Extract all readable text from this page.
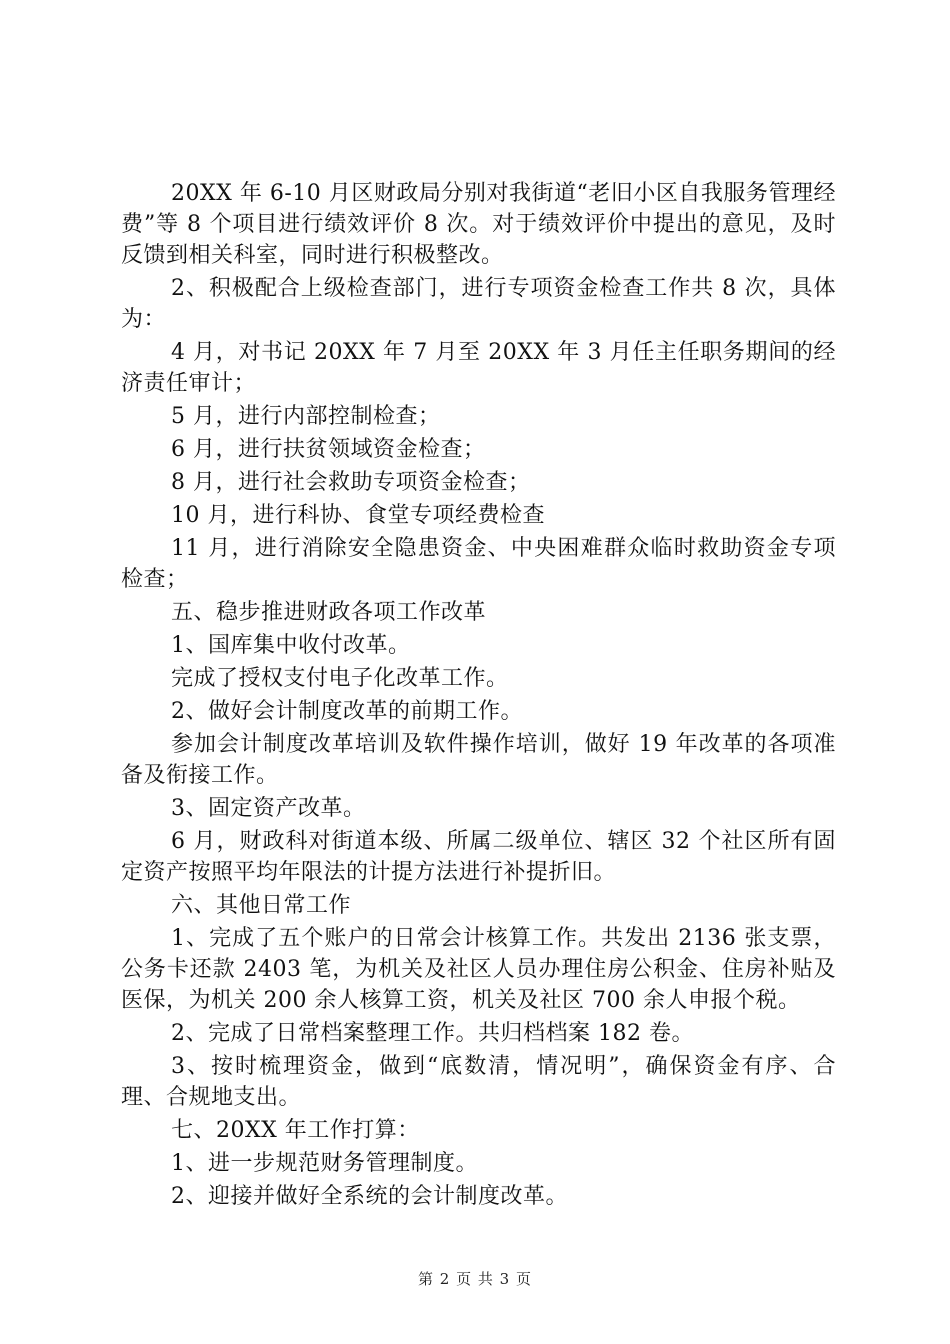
20XX 年 6-10 月区财政局分别对我街道“老旧小区自我服务管理经费”等 8 个项目进行绩效评价 8 次。对于绩效评价中提出的意见，及时反馈到相关科室，同时进行积极整改。

2、积极配合上级检查部门，进行专项资金检查工作共 8 次，具体为：

4 月，对书记 20XX 年 7 月至 20XX 年 3 月任主任职务期间的经济责任审计；

5 月，进行内部控制检查；

6 月，进行扶贫领域资金检查；

8 月，进行社会救助专项资金检查；

10 月，进行科协、食堂专项经费检查

11 月，进行消除安全隐患资金、中央困难群众临时救助资金专项检查；

五、稳步推进财政各项工作改革

1、国库集中收付改革。

完成了授权支付电子化改革工作。

2、做好会计制度改革的前期工作。

参加会计制度改革培训及软件操作培训，做好 19 年改革的各项准备及衔接工作。

3、固定资产改革。

6 月，财政科对街道本级、所属二级单位、辖区 32 个社区所有固定资产按照平均年限法的计提方法进行补提折旧。

六、其他日常工作

1、完成了五个账户的日常会计核算工作。共发出 2136 张支票，公务卡还款 2403 笔，为机关及社区人员办理住房公积金、住房补贴及医保，为机关 200 余人核算工资，机关及社区 700 余人申报个税。

2、完成了日常档案整理工作。共归档档案 182 卷。

3、按时梳理资金，做到“底数清，情况明”，确保资金有序、合理、合规地支出。

七、20XX 年工作打算：

1、进一步规范财务管理制度。

2、迎接并做好全系统的会计制度改革。

第 2 页 共 3 页
